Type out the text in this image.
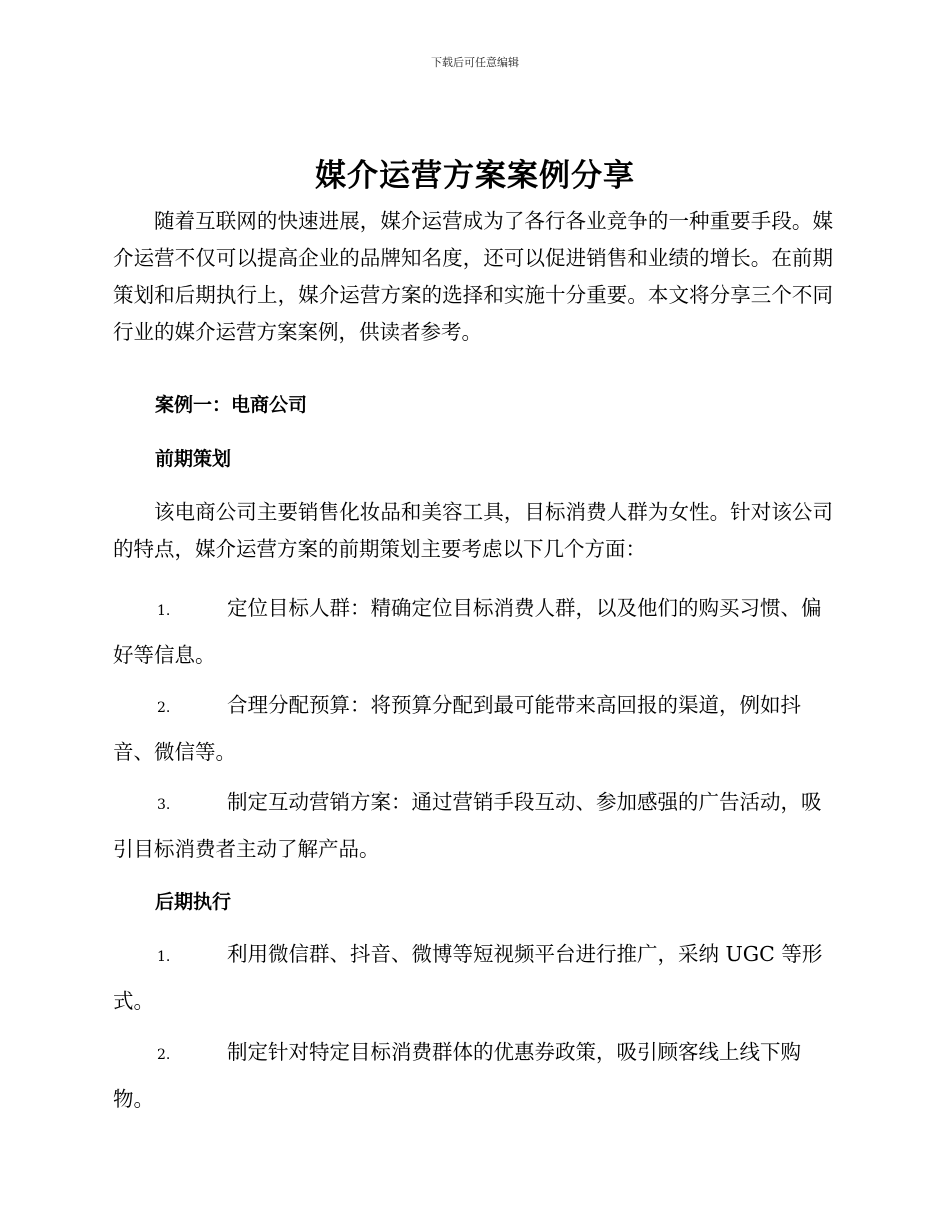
下载后可任意编辑
媒介运营方案案例分享

随着互联网的快速进展，媒介运营成为了各行各业竞争的一种重要手段。媒介运营不仅可以提高企业的品牌知名度，还可以促进销售和业绩的增长。在前期策划和后期执行上，媒介运营方案的选择和实施十分重要。本文将分享三个不同行业的媒介运营方案案例，供读者参考。

案例一：电商公司
前期策划

该电商公司主要销售化妆品和美容工具，目标消费人群为女性。针对该公司的特点，媒介运营方案的前期策划主要考虑以下几个方面：

1.	定位目标人群：精确定位目标消费人群，以及他们的购买习惯、偏好等信息。

2.	合理分配预算：将预算分配到最可能带来高回报的渠道，例如抖音、微信等。

3.	制定互动营销方案：通过营销手段互动、参加感强的广告活动，吸引目标消费者主动了解产品。

后期执行

1.	利用微信群、抖音、微博等短视频平台进行推广，采纳 UGC 等形式。

2.	制定针对特定目标消费群体的优惠券政策，吸引顾客线上线下购物。
